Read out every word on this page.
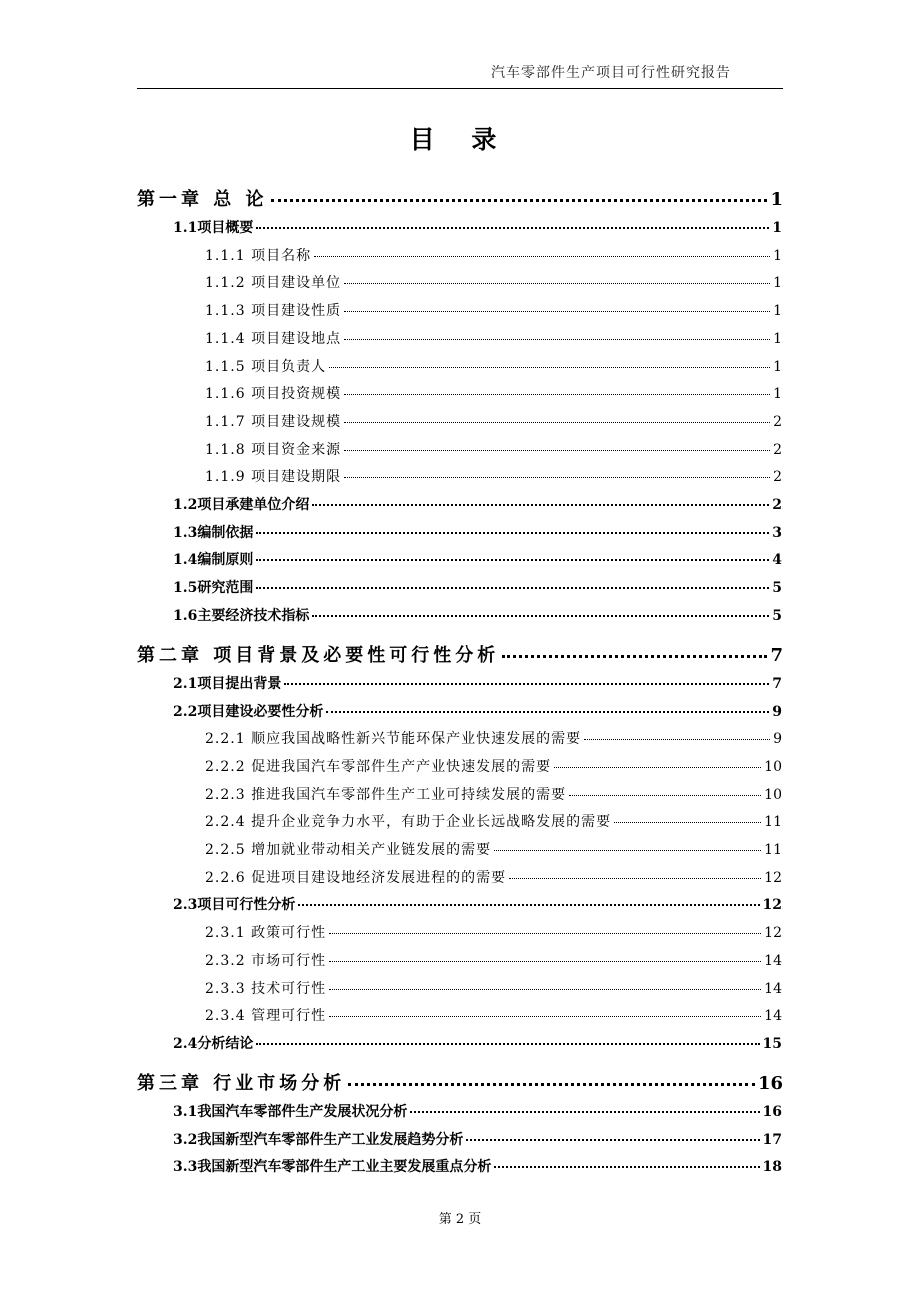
汽车零部件生产项目可行性研究报告
目 录
第一章 总 论	1
1.1项目概要	1
1.1.1 项目名称	1
1.1.2 项目建设单位	1
1.1.3 项目建设性质	1
1.1.4 项目建设地点	1
1.1.5 项目负责人	1
1.1.6 项目投资规模	1
1.1.7 项目建设规模	2
1.1.8 项目资金来源	2
1.1.9 项目建设期限	2
1.2项目承建单位介绍	2
1.3编制依据	3
1.4编制原则	4
1.5研究范围	5
1.6主要经济技术指标	5
第二章 项目背景及必要性可行性分析	7
2.1项目提出背景	7
2.2项目建设必要性分析	9
2.2.1 顺应我国战略性新兴节能环保产业快速发展的需要	9
2.2.2 促进我国汽车零部件生产产业快速发展的需要	10
2.2.3 推进我国汽车零部件生产工业可持续发展的需要	10
2.2.4 提升企业竞争力水平，有助于企业长远战略发展的需要	11
2.2.5 增加就业带动相关产业链发展的需要	11
2.2.6 促进项目建设地经济发展进程的的需要	12
2.3项目可行性分析	12
2.3.1 政策可行性	12
2.3.2 市场可行性	14
2.3.3 技术可行性	14
2.3.4 管理可行性	14
2.4分析结论	15
第三章 行业市场分析	16
3.1我国汽车零部件生产发展状况分析	16
3.2我国新型汽车零部件生产工业发展趋势分析	17
3.3我国新型汽车零部件生产工业主要发展重点分析	18
第 2 页
